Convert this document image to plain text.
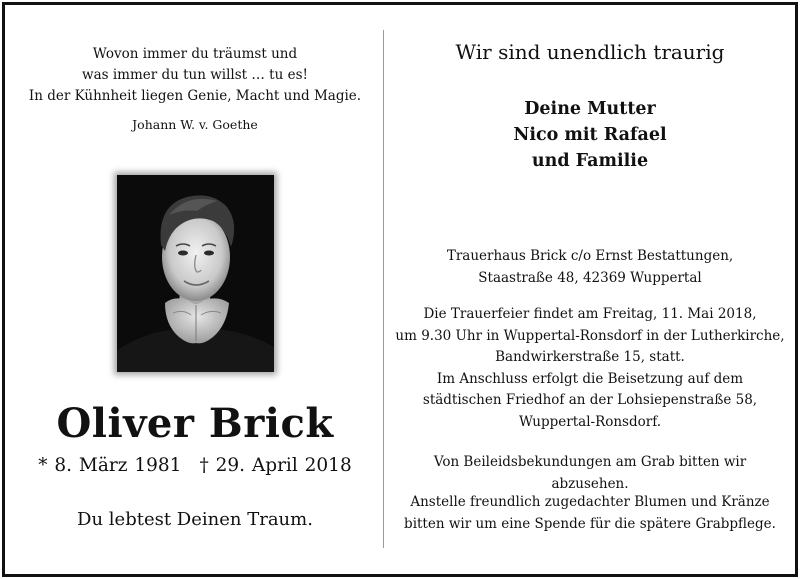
Wovon immer du träumst und
was immer du tun willst … tu es!
In der Kühnheit liegen Genie, Macht und Magie.
Johann W. v. Goethe
Oliver Brick
* 8. März 1981 † 29. April 2018
Du lebtest Deinen Traum.
Wir sind unendlich traurig
Deine Mutter
Nico mit Rafael
und Familie
Trauerhaus Brick c/o Ernst Bestattungen,
Staastraße 48, 42369 Wuppertal
Die Trauerfeier findet am Freitag, 11. Mai 2018,
um 9.30 Uhr in Wuppertal-Ronsdorf in der Lutherkirche,
Bandwirkerstraße 15, statt.
Im Anschluss erfolgt die Beisetzung auf dem
städtischen Friedhof an der Lohsiepenstraße 58,
Wuppertal-Ronsdorf.
Von Beileidsbekundungen am Grab bitten wir abzusehen.
Anstelle freundlich zugedachter Blumen und Kränze
bitten wir um eine Spende für die spätere Grabpflege.
